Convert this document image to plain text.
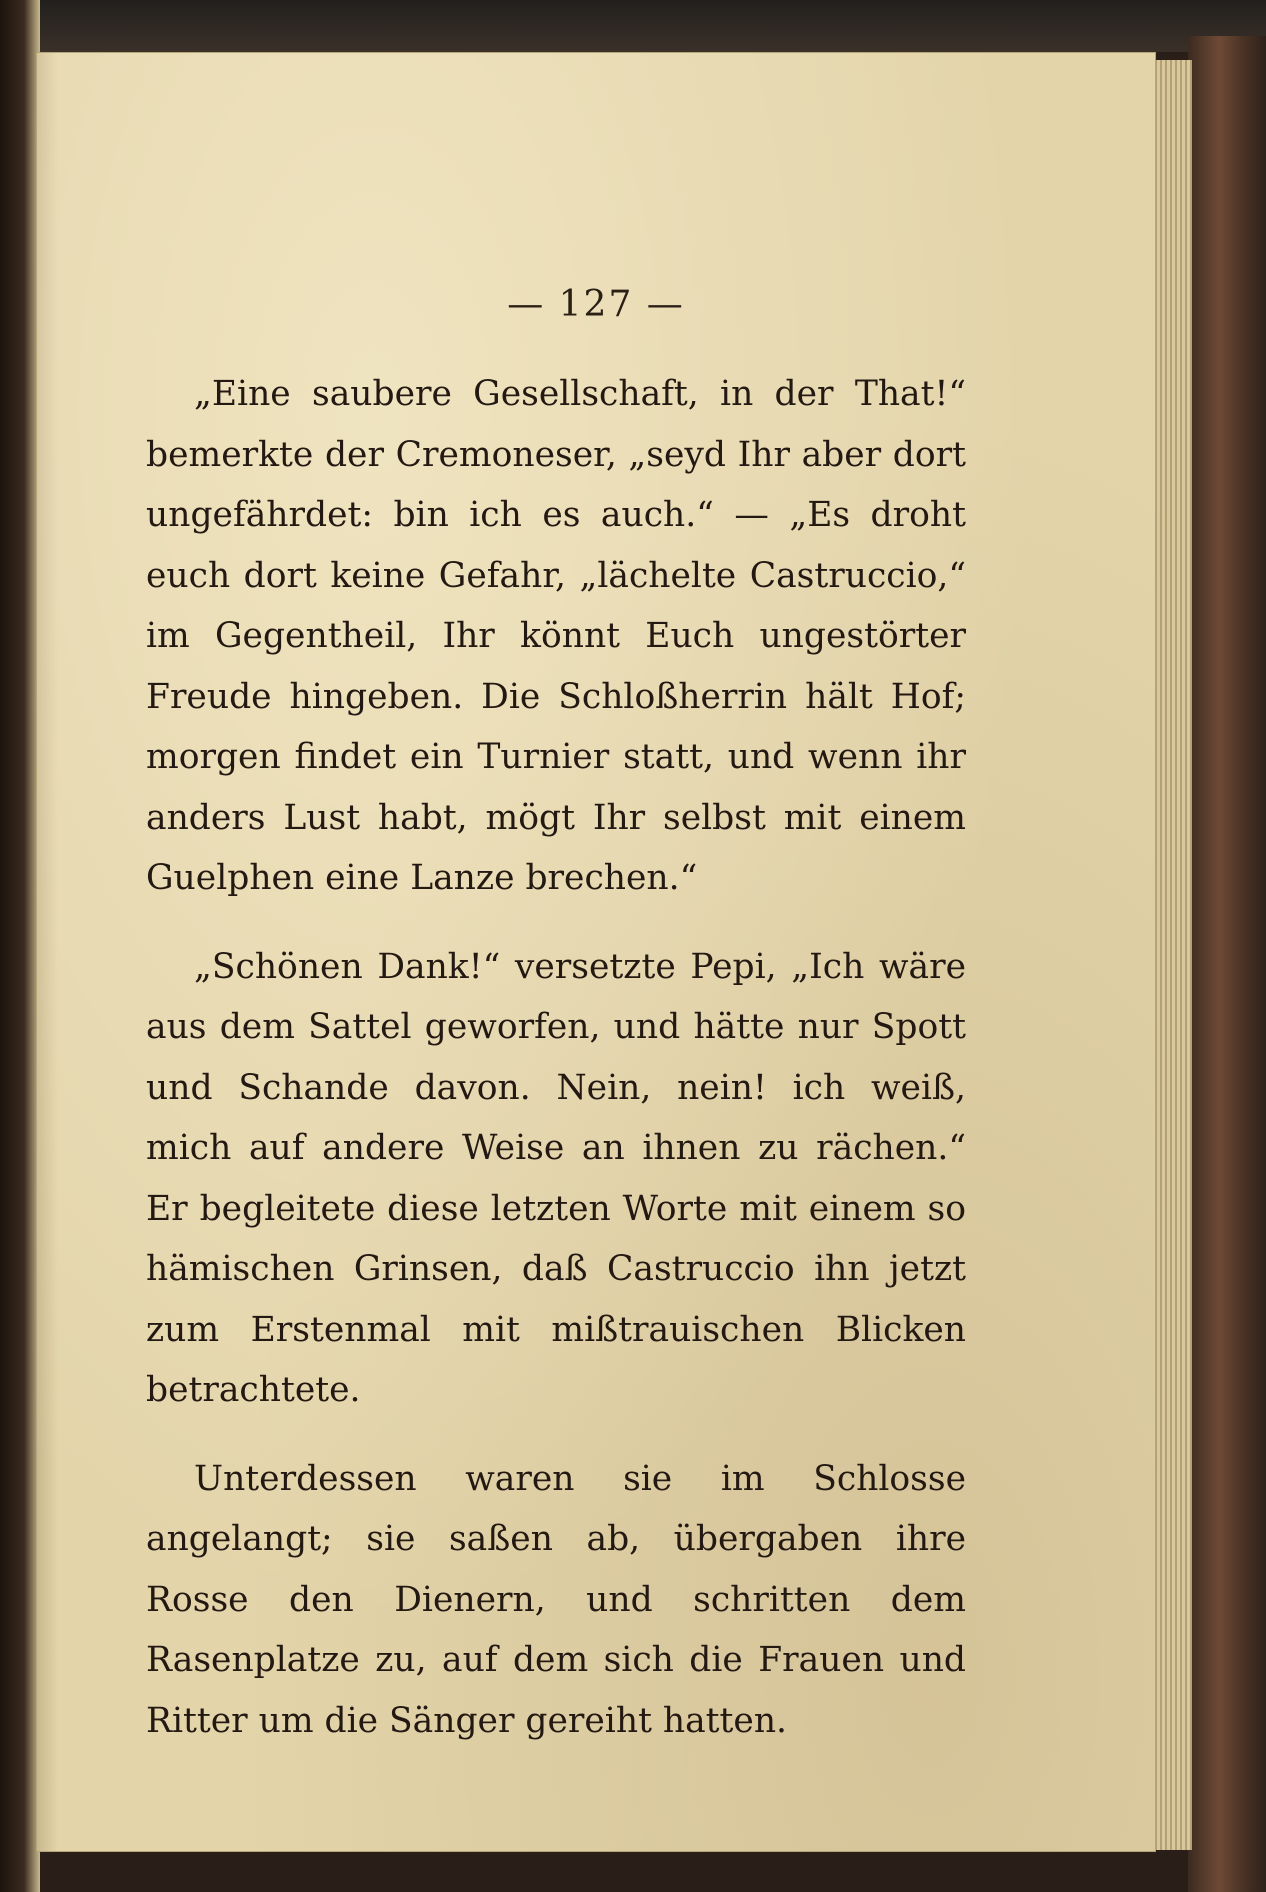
— 127 —

„Eine saubere Gesellschaft, in der That!“ bemerkte der Cremoneser, „seyd Ihr aber dort ungefährdet: bin ich es auch.“ — „Es droht euch dort keine Gefahr, „lächelte Castruccio,“ im Gegentheil, Ihr könnt Euch ungestörter Freude hingeben. Die Schloßherrin hält Hof; morgen findet ein Turnier statt, und wenn ihr anders Lust habt, mögt Ihr selbst mit einem Guelphen eine Lanze brechen.“

„Schönen Dank!“ versetzte Pepi, „Ich wäre aus dem Sattel geworfen, und hätte nur Spott und Schande davon. Nein, nein! ich weiß, mich auf andere Weise an ihnen zu rächen.“ Er begleitete diese letzten Worte mit einem so hämischen Grinsen, daß Castruccio ihn jetzt zum Erstenmal mit mißtrauischen Blicken betrachtete.

Unterdessen waren sie im Schlosse angelangt; sie saßen ab, übergaben ihre Rosse den Dienern, und schritten dem Rasenplatze zu, auf dem sich die Frauen und Ritter um die Sänger gereiht hatten.
